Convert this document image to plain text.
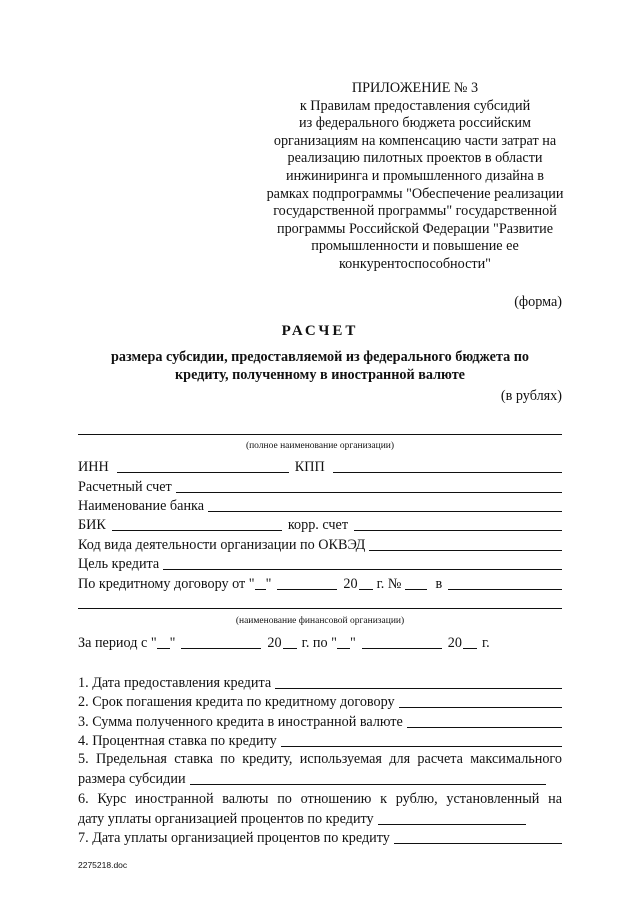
ПРИЛОЖЕНИЕ № 3
к Правилам предоставления субсидий
из федерального бюджета российским
организациям на компенсацию части затрат на
реализацию пилотных проектов в области
инжиниринга и промышленного дизайна в
рамках подпрограммы "Обеспечение реализации
государственной программы" государственной
программы Российской Федерации "Развитие
промышленности и повышение ее
конкурентоспособности"
(форма)
РАСЧЕТ
размера субсидии, предоставляемой из федерального бюджета по
кредиту, полученному в иностранной валюте
(в рублях)
(полное наименование организации)
ИНН	КПП
Расчетный счет
Наименование банка
БИК	корр. счет
Код вида деятельности организации по ОКВЭД
Цель кредита
По кредитному договору от " "	20 г. № в
(наименование финансовой организации)
За период с " "	20 г. по " "	20 г.
1. Дата предоставления кредита
2. Срок погашения кредита по кредитному договору
3. Сумма полученного кредита в иностранной валюте
4. Процентная ставка по кредиту
5. Предельная ставка по кредиту, используемая для расчета максимального
размера субсидии
6. Курс иностранной валюты по отношению к рублю, установленный на
дату уплаты организацией процентов по кредиту
7. Дата уплаты организацией процентов по кредиту
2275218.doc
